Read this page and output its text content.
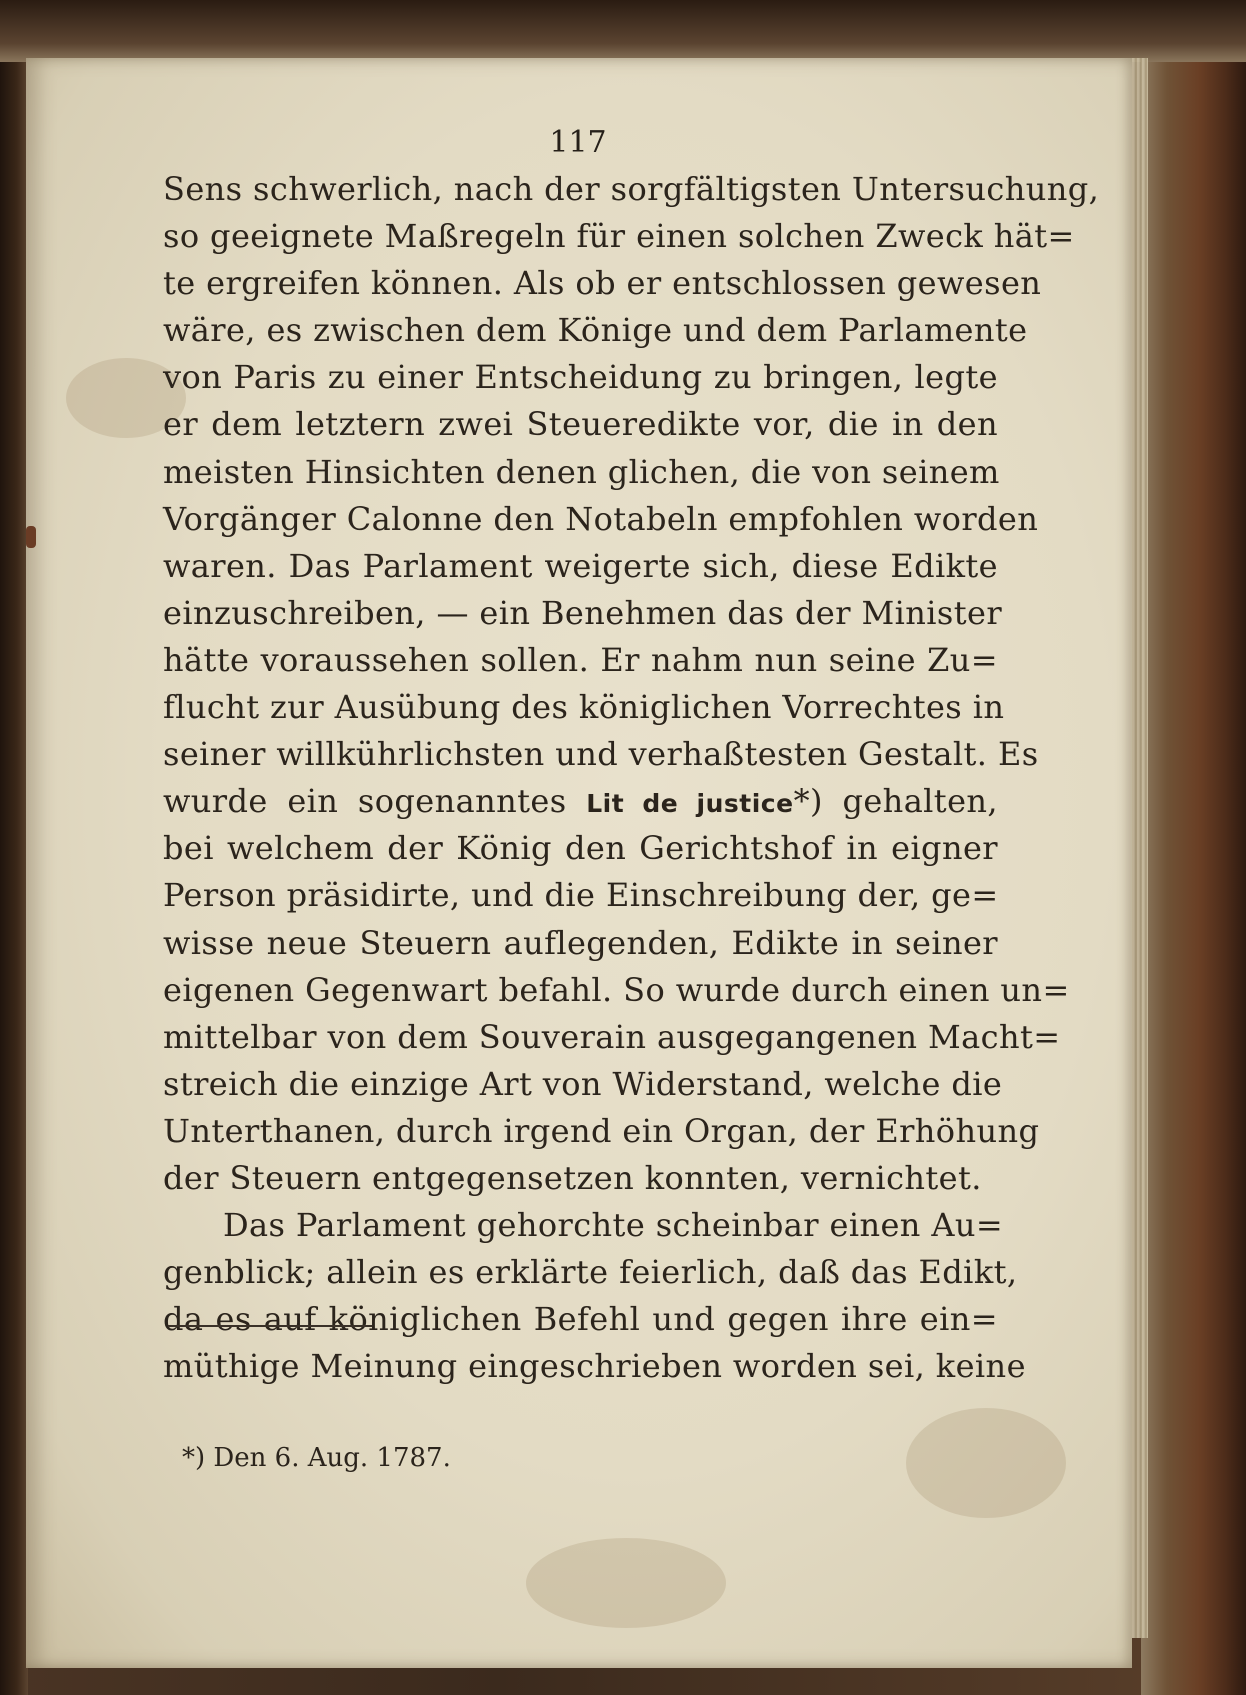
117

Sens schwerlich, nach der sorgfältigsten Untersuchung,
so geeignete Maßregeln für einen solchen Zweck hät=
te ergreifen können. Als ob er entschlossen gewesen
wäre, es zwischen dem Könige und dem Parlamente
von Paris zu einer Entscheidung zu bringen, legte
er dem letztern zwei Steueredikte vor, die in den
meisten Hinsichten denen glichen, die von seinem
Vorgänger Calonne den Notabeln empfohlen worden
waren. Das Parlament weigerte sich, diese Edikte
einzuschreiben, — ein Benehmen das der Minister
hätte voraussehen sollen. Er nahm nun seine Zu=
flucht zur Ausübung des königlichen Vorrechtes in
seiner willkührlichsten und verhaßtesten Gestalt. Es
wurde ein sogenanntes Lit de justice*) gehalten,
bei welchem der König den Gerichtshof in eigner
Person präsidirte, und die Einschreibung der, ge=
wisse neue Steuern auflegenden, Edikte in seiner
eigenen Gegenwart befahl. So wurde durch einen un=
mittelbar von dem Souverain ausgegangenen Macht=
streich die einzige Art von Widerstand, welche die
Unterthanen, durch irgend ein Organ, der Erhöhung
der Steuern entgegensetzen konnten, vernichtet.
Das Parlament gehorchte scheinbar einen Au=
genblick; allein es erklärte feierlich, daß das Edikt,
da es auf königlichen Befehl und gegen ihre ein=
müthige Meinung eingeschrieben worden sei, keine

*) Den 6. Aug. 1787.
